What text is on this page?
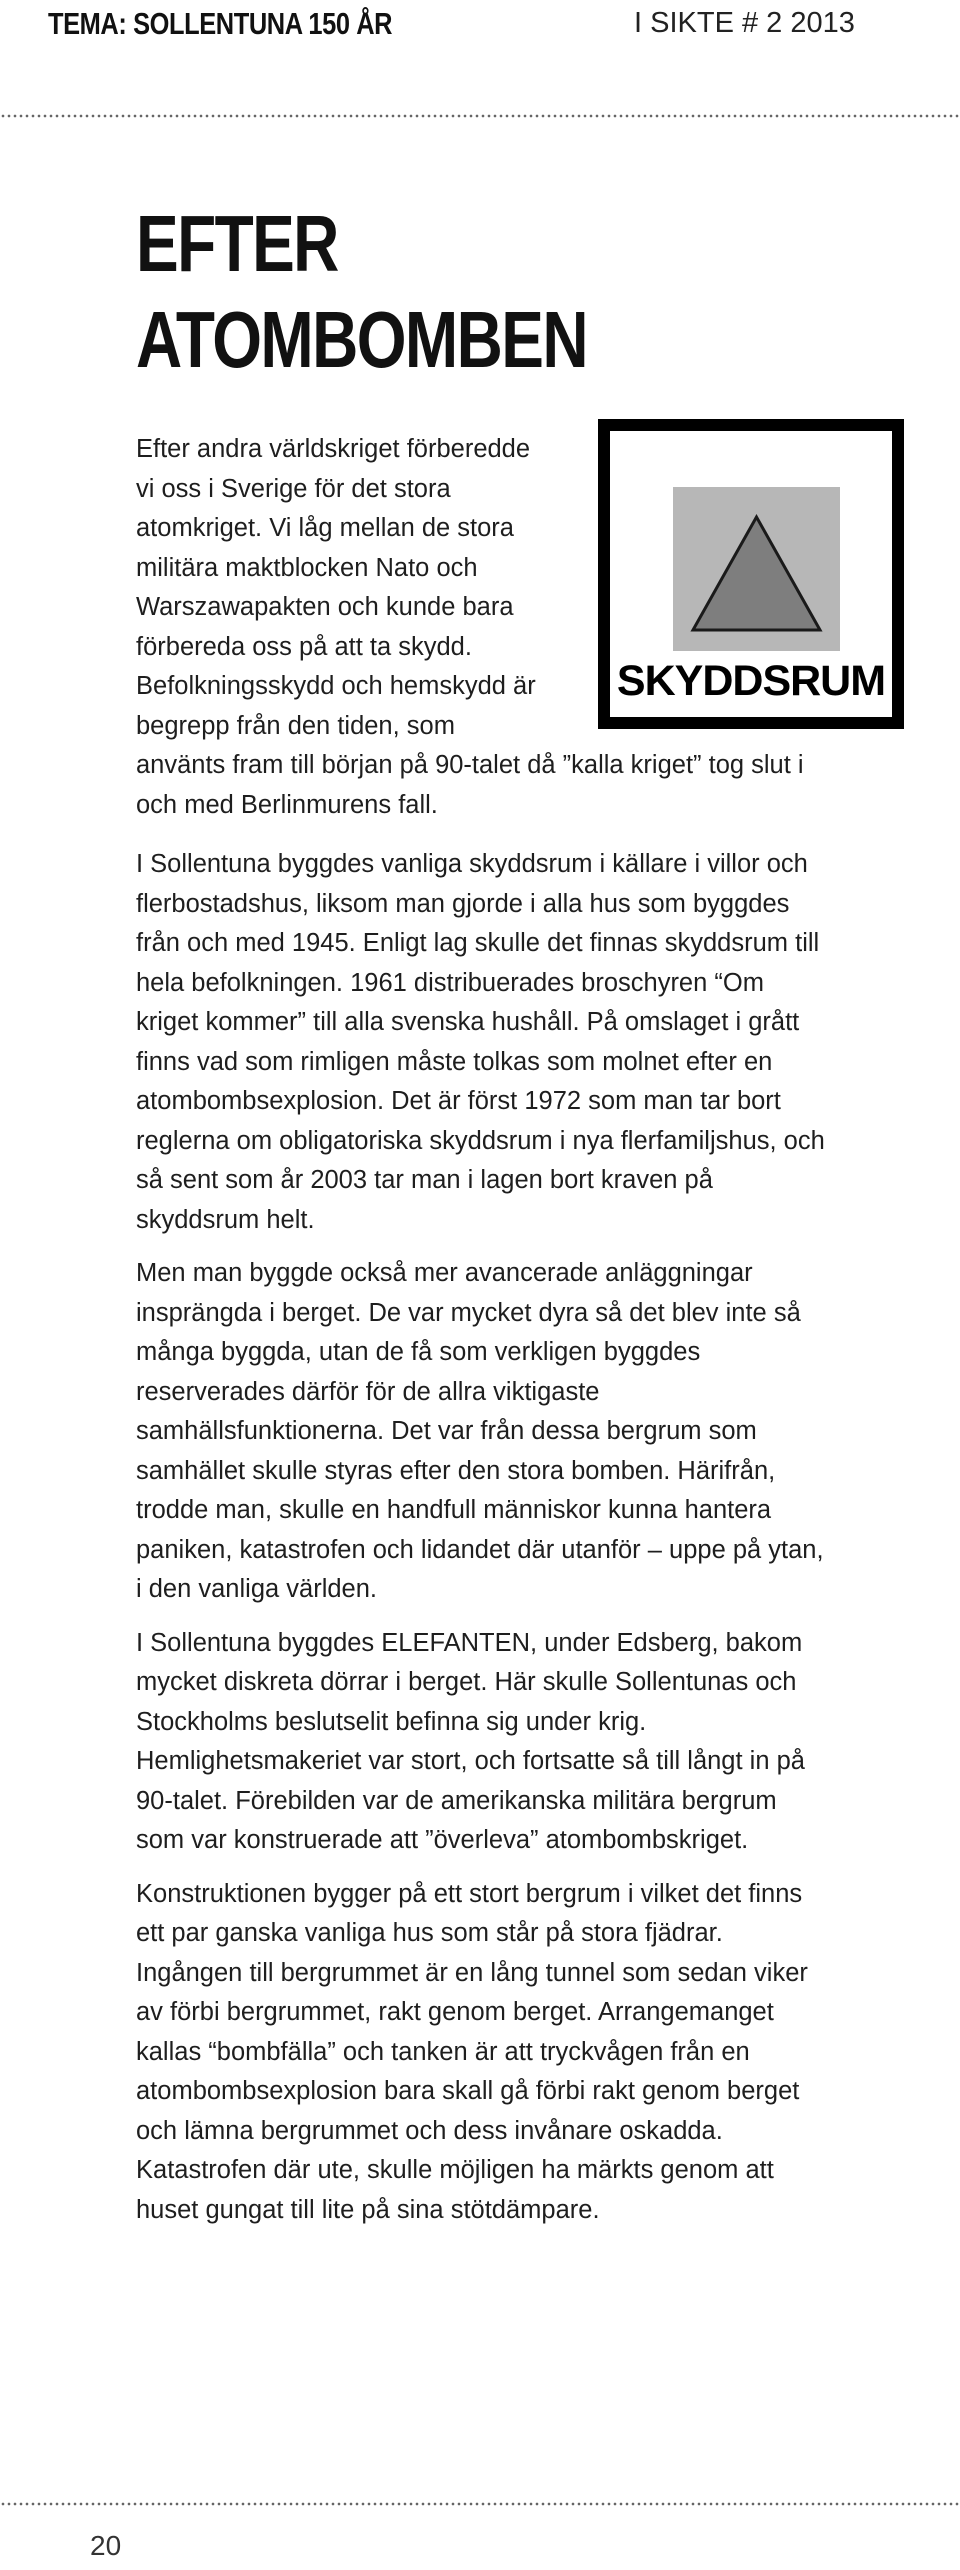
TEMA: SOLLENTUNA 150 ÅR	I SIKTE # 2 2013
EFTER
ATOMBOMBEN
SKYDDSRUM

Efter andra världskriget förberedde vi oss i Sverige för det stora atomkriget. Vi låg mellan de stora militära maktblocken Nato och Warszawapakten och kunde bara förbereda oss på att ta skydd. Befolkningsskydd och hemskydd är begrepp från den tiden, som använts fram till början på 90-talet då ”kalla kriget” tog slut i och med Berlinmurens fall.

I Sollentuna byggdes vanliga skyddsrum i källare i villor och flerbostadshus, liksom man gjorde i alla hus som byggdes från och med 1945. Enligt lag skulle det finnas skyddsrum till hela befolkningen. 1961 distribuerades broschyren “Om kriget kommer” till alla svenska hushåll. På omslaget i grått finns vad som rimligen måste tolkas som molnet efter en atombombsexplosion. Det är först 1972 som man tar bort reglerna om obligatoriska skyddsrum i nya flerfamiljshus, och så sent som år 2003 tar man i lagen bort kraven på skyddsrum helt.

Men man byggde också mer avancerade anläggningar insprängda i berget. De var mycket dyra så det blev inte så många byggda, utan de få som verkligen byggdes reserverades därför för de allra viktigaste samhällsfunktionerna. Det var från dessa bergrum som samhället skulle styras efter den stora bomben. Härifrån, trodde man, skulle en handfull människor kunna hantera paniken, katastrofen och lidandet där utanför – uppe på ytan, i den vanliga världen.

I Sollentuna byggdes ELEFANTEN, under Edsberg, bakom mycket diskreta dörrar i berget. Här skulle Sollentunas och Stockholms beslutselit befinna sig under krig. Hemlighetsmakeriet var stort, och fortsatte så till långt in på 90-talet. Förebilden var de amerikanska militära bergrum som var konstruerade att ”överleva” atombombskriget.

Konstruktionen bygger på ett stort bergrum i vilket det finns ett par ganska vanliga hus som står på stora fjädrar. Ingången till bergrummet är en lång tunnel som sedan viker av förbi bergrummet, rakt genom berget. Arrangemanget kallas “bombfälla” och tanken är att tryckvågen från en atombombsexplosion bara skall gå förbi rakt genom berget och lämna bergrummet och dess invånare oskadda. Katastrofen där ute, skulle möjligen ha märkts genom att huset gungat till lite på sina stötdämpare.

20
